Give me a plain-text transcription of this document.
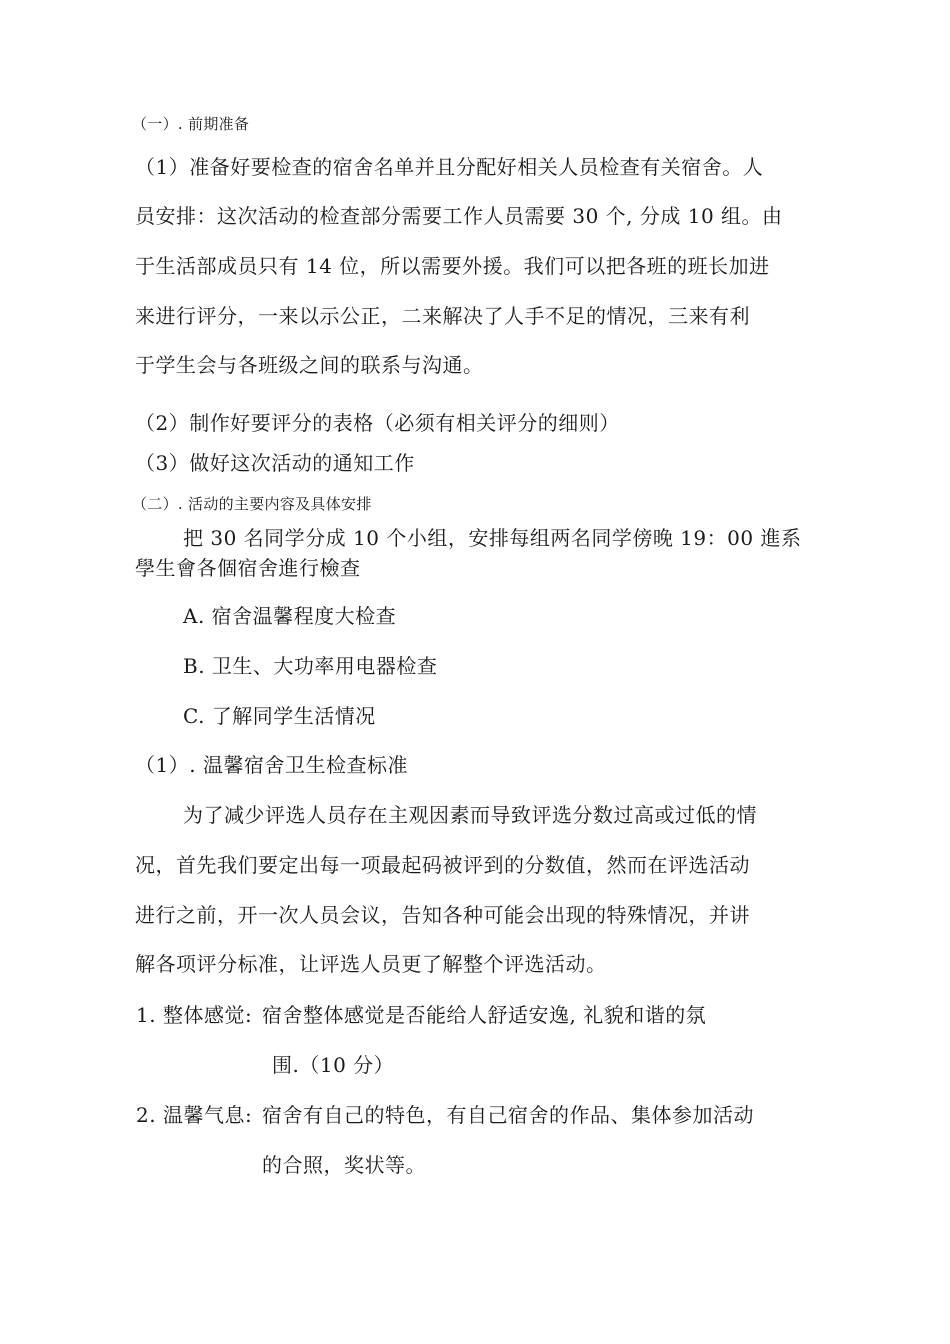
（一）. 前期准备
（1）准备好要检查的宿舍名单并且分配好相关人员检查有关宿舍。人
员安排：这次活动的检查部分需要工作人员需要 30 个, 分成 10 组。由
于生活部成员只有 14 位，所以需要外援。我们可以把各班的班长加进
来进行评分，一来以示公正，二来解决了人手不足的情况，三来有利
于学生会与各班级之间的联系与沟通。
（2）制作好要评分的表格（必须有相关评分的细则）
（3）做好这次活动的通知工作
（二）. 活动的主要内容及具体安排
把 30 名同学分成 10 个小组，安排每组两名同学傍晚 19：00 進系
學生會各個宿舍進行檢查
A. 宿舍温馨程度大检查
B. 卫生、大功率用电器检查
C. 了解同学生活情况
（1）. 温馨宿舍卫生检查标准
为了减少评选人员存在主观因素而导致评选分数过高或过低的情
况，首先我们要定出每一项最起码被评到的分数值，然而在评选活动
进行之前，开一次人员会议，告知各种可能会出现的特殊情况，并讲
解各项评分标准，让评选人员更了解整个评选活动。
1. 整体感觉: 宿舍整体感觉是否能给人舒适安逸, 礼貌和谐的氛
围.（10 分）
2. 温馨气息: 宿舍有自己的特色，有自己宿舍的作品、集体参加活动
的合照，奖状等。
